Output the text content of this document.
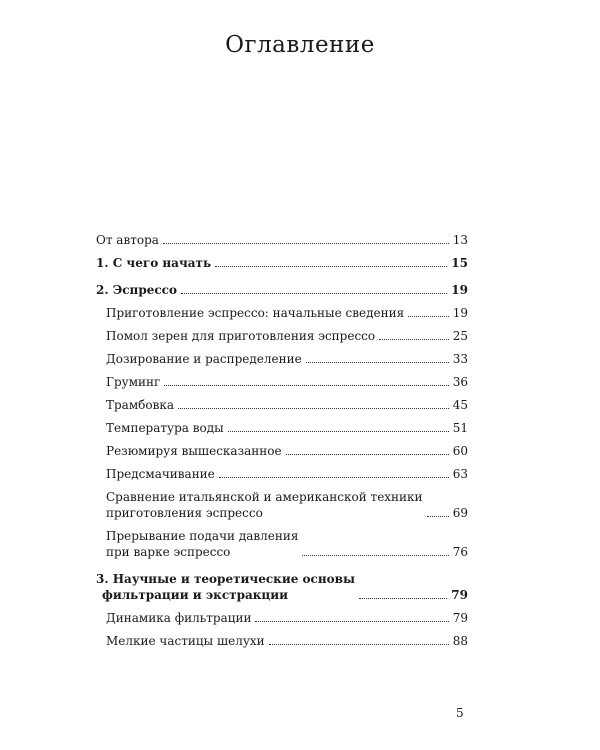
Оглавление
От автора	13
1. С чего начать	15
2. Эспрессо	19
Приготовление эспрессо: начальные сведения	19
Помол зерен для приготовления эспрессо	25
Дозирование и распределение	33
Груминг	36
Трамбовка	45
Температура воды	51
Резюмируя вышесказанное	60
Предсмачивание	63
Сравнение итальянской и американской техники
приготовления эспрессо	69
Прерывание подачи давления
при варке эспрессо	76
3. Научные и теоретические основы
фильтрации и экстракции	79
Динамика фильтрации	79
Мелкие частицы шелухи	88
5
